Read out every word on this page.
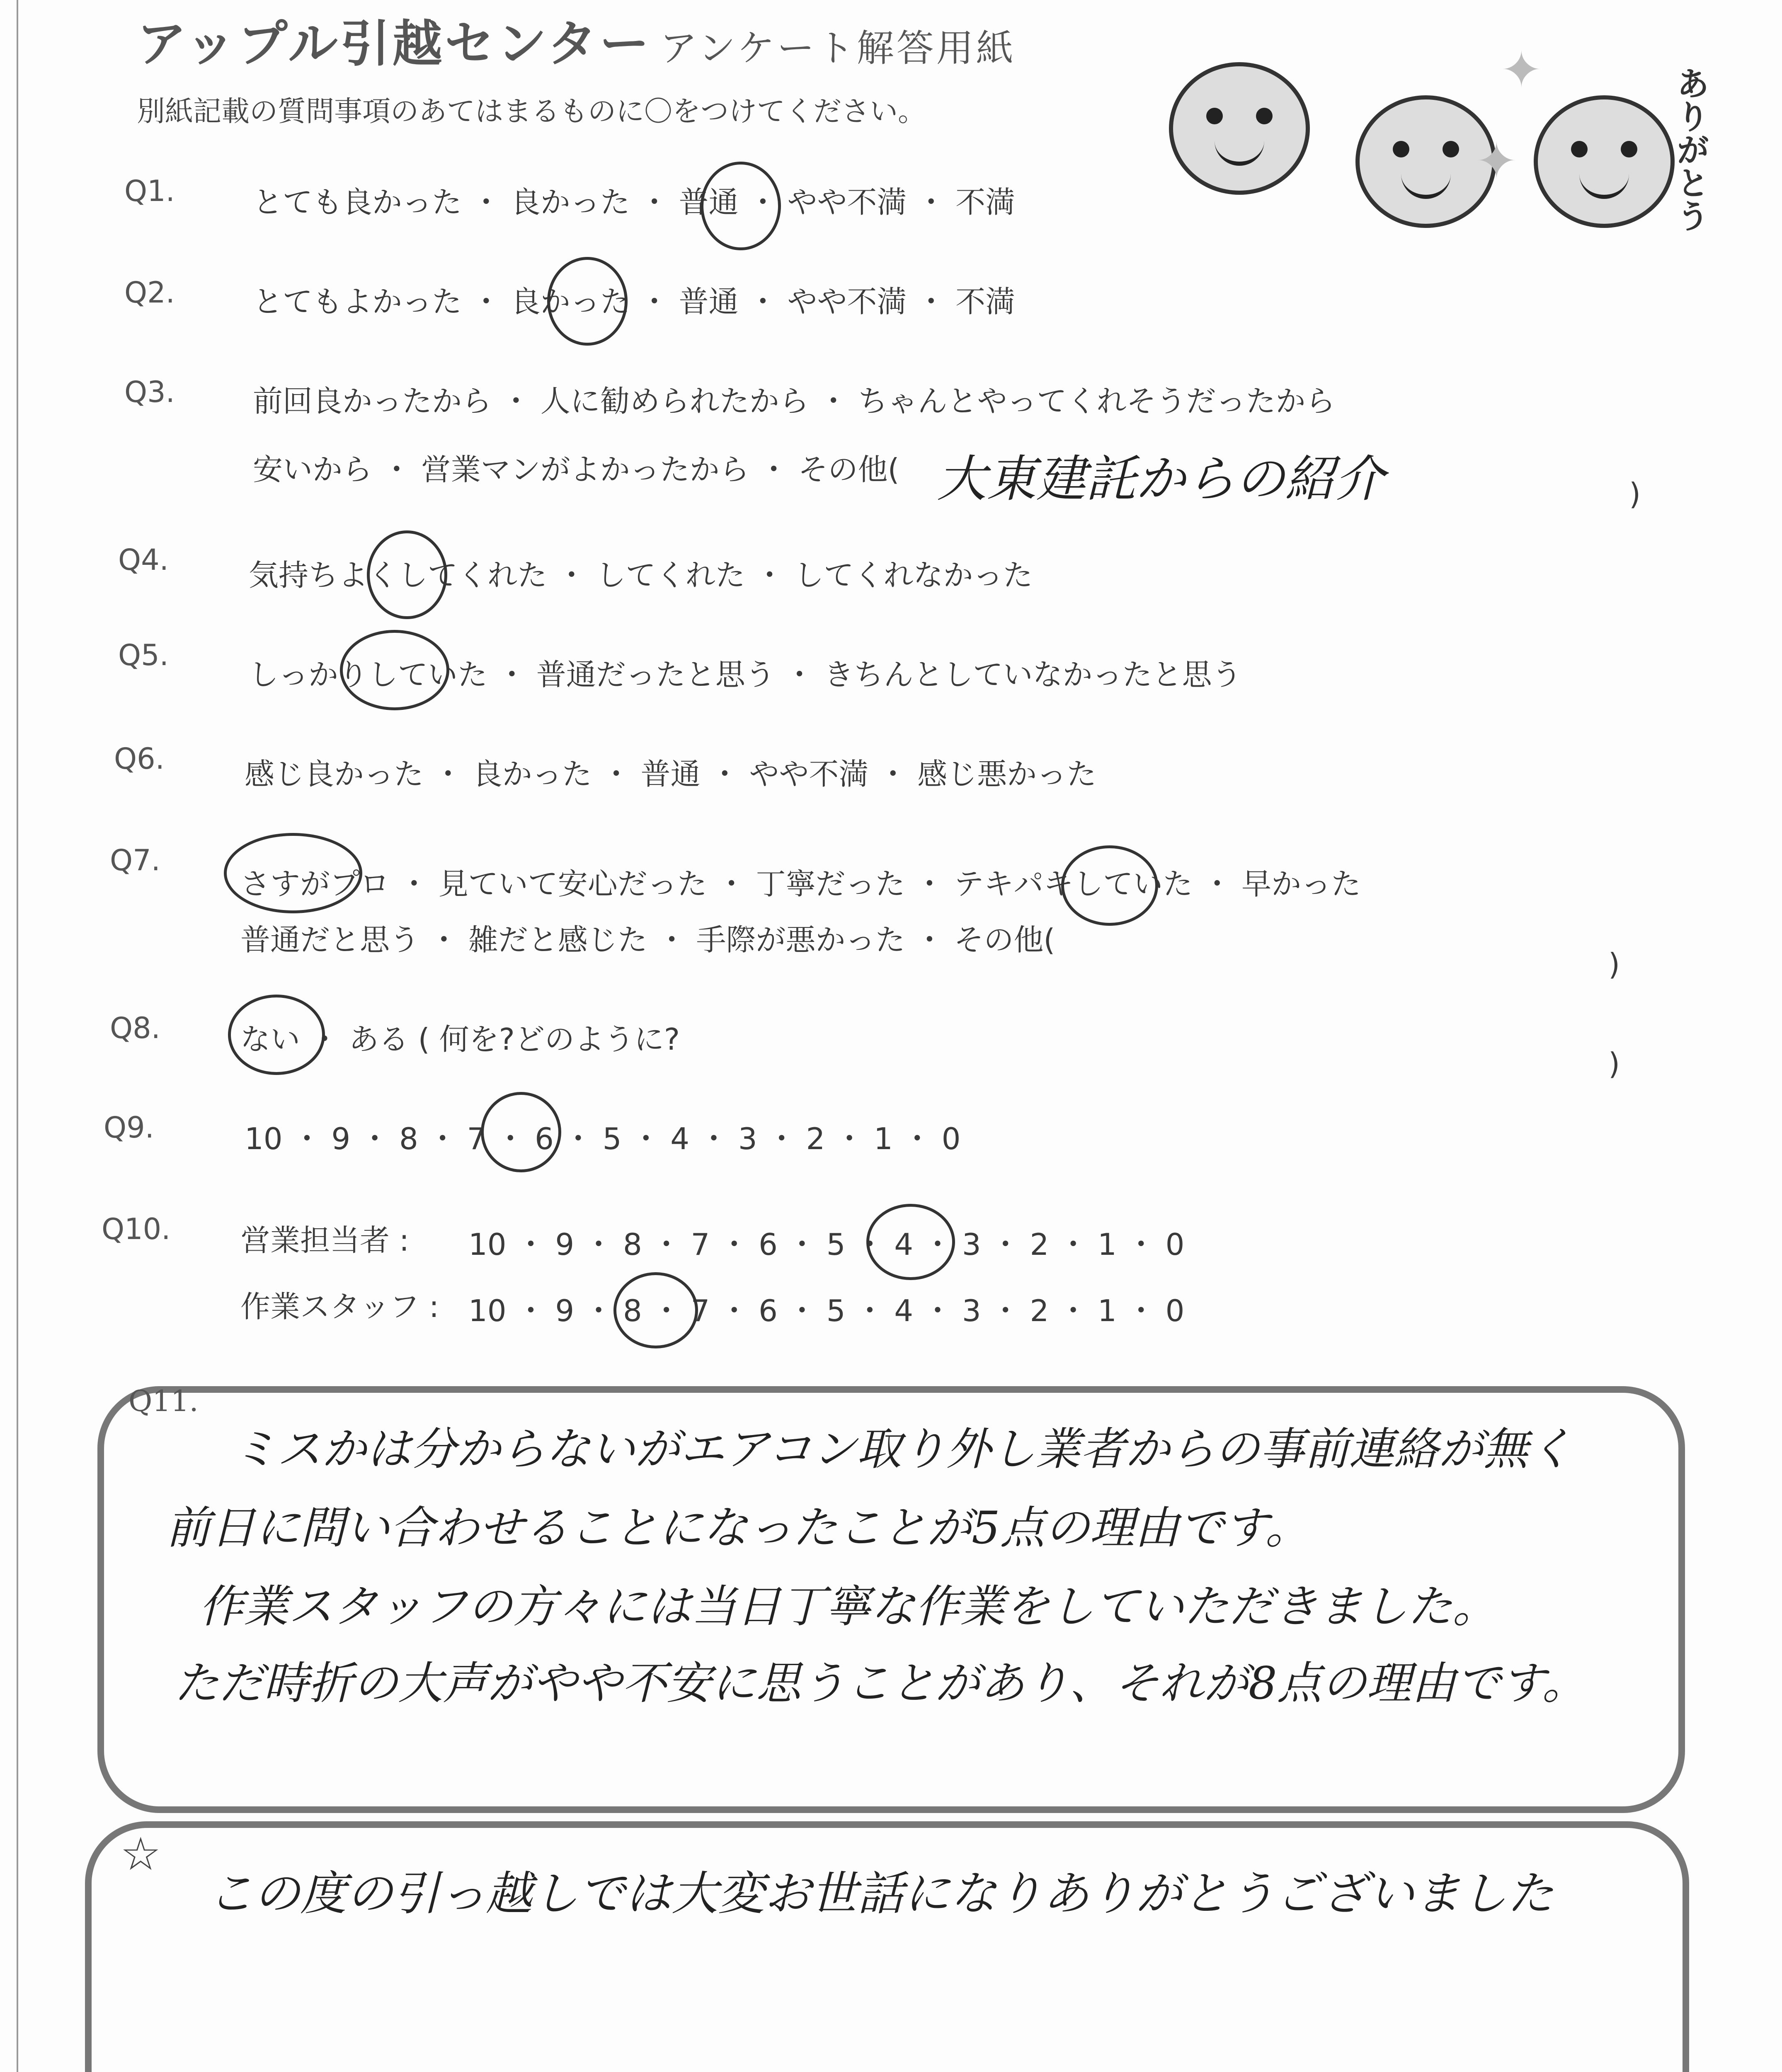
アップル引越センター アンケート解答用紙
別紙記載の質問事項のあてはまるものに〇をつけてください。
✦
✦	ありがとう
Q1.	とても良かった ・ 良かった ・ 普通 ・ やや不満 ・ 不満
Q2.	とてもよかった ・ 良かった ・ 普通 ・ やや不満 ・ 不満
Q3.	前回良かったから ・ 人に勧められたから ・ ちゃんとやってくれそうだったから
安いから ・ 営業マンがよかったから ・ その他( 大東建託からの紹介	)
Q4.	気持ちよくしてくれた ・ してくれた ・ してくれなかった
Q5.
しっかりしていた ・ 普通だったと思う ・ きちんとしていなかったと思う
Q6.	感じ良かった ・ 良かった ・ 普通 ・ やや不満 ・ 感じ悪かった
Q7.
さすがプロ ・ 見ていて安心だった ・ 丁寧だった ・ テキパキしていた ・ 早かった
普通だと思う ・ 雑だと感じた ・ 手際が悪かった ・ その他(
)
Q8.	ない ・ ある ( 何を?どのように?
)
Q9.	10 ・ 9 ・ 8 ・ 7 ・ 6 ・ 5 ・ 4 ・ 3 ・ 2 ・ 1 ・ 0
Q10. 営業担当者 : 10 ・ 9 ・ 8 ・ 7 ・ 6 ・ 5 ・ 4 ・ 3 ・ 2 ・ 1 ・ 0
作業スタッフ : 10 ・ 9 ・ 8 ・ 7 ・ 6 ・ 5 ・ 4 ・ 3 ・ 2 ・ 1 ・ 0
Q11.
ミスかは分からないがエアコン取り外し業者からの事前連絡が無く
前日に問い合わせることになったことが5点の理由です。
作業スタッフの方々には当日丁寧な作業をしていただきました。
ただ時折の大声がやや不安に思うことがあり、それが8点の理由です。
☆
この度の引っ越しでは大変お世話になりありがとうございました
